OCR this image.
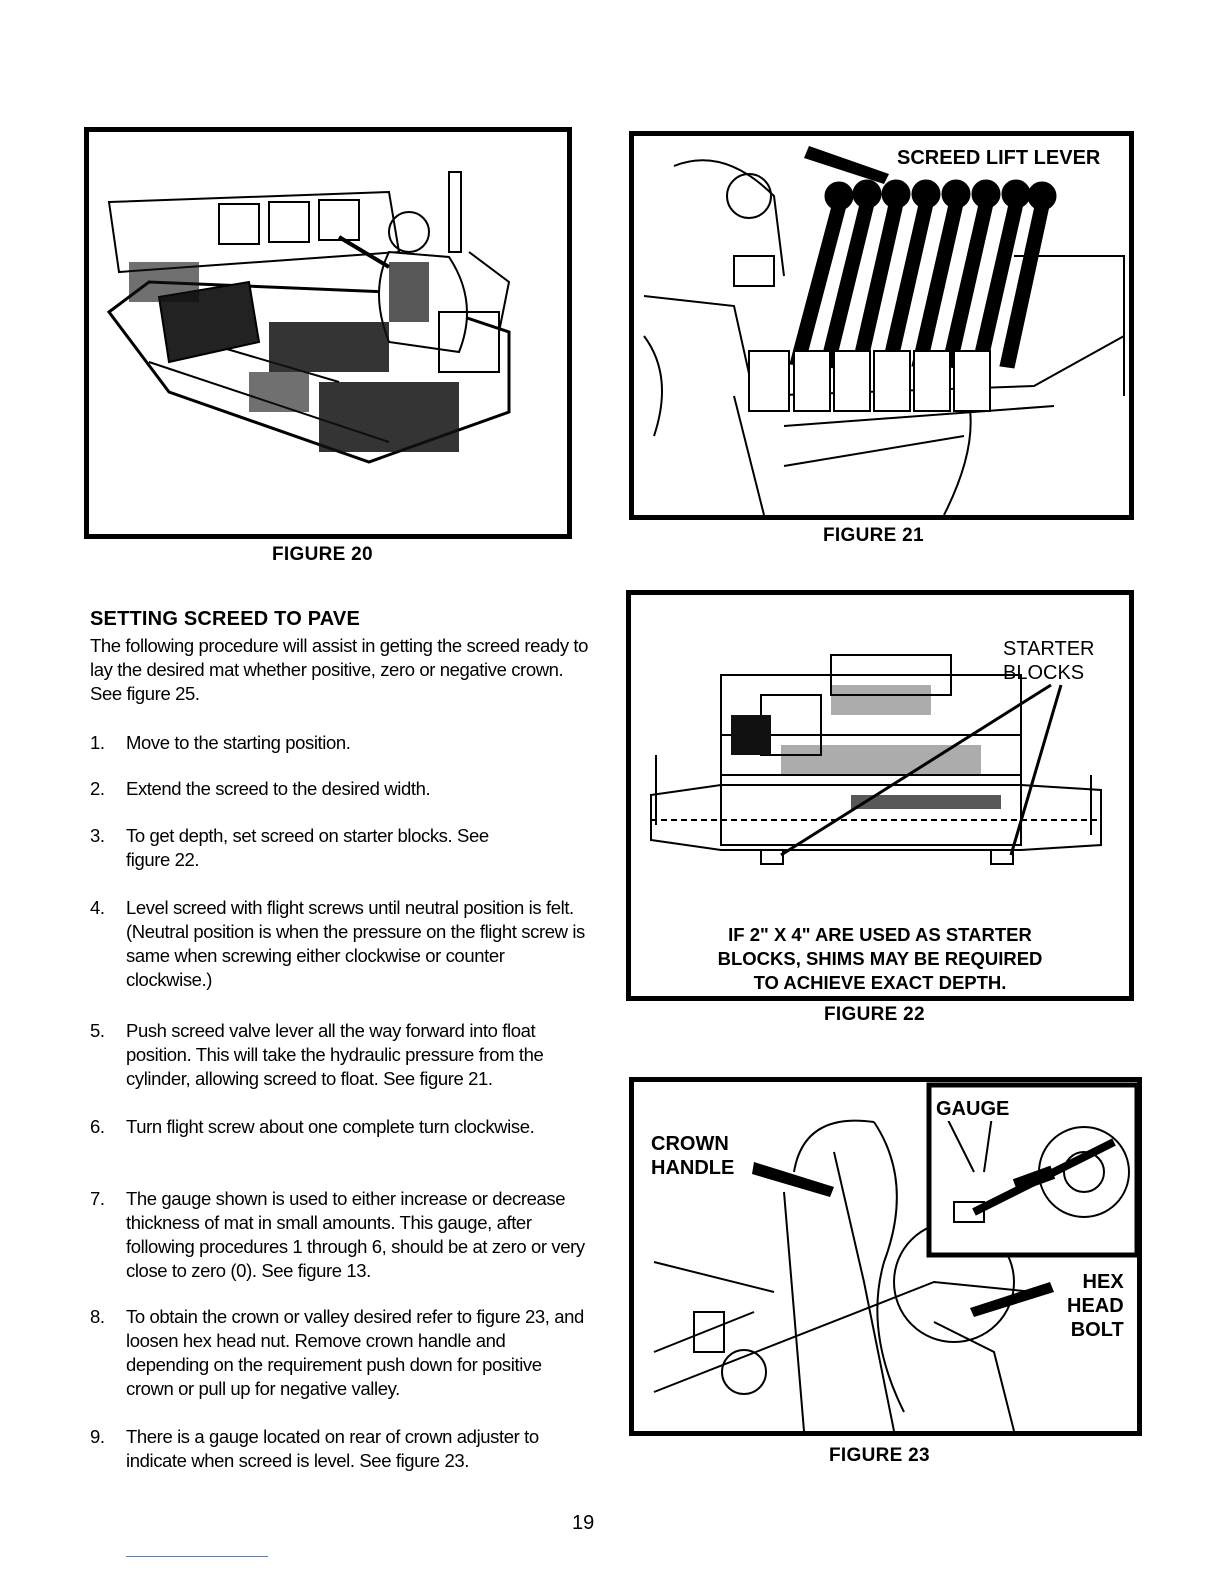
FIGURE 20
SCREED LIFT LEVER
FIGURE 21
SETTING SCREED TO PAVE
The following procedure will assist in getting the screed ready to lay the desired mat whether positive, zero or negative crown. See figure 25.
1.	Move to the starting position.
2.	Extend the screed to the desired width.
3.	To get depth, set screed on starter blocks. See figure 22.
4.	Level screed with flight screws until neutral position is felt. (Neutral position is when the pressure on the flight screw is same when screwing either clockwise or counter clockwise.)
5.	Push screed valve lever all the way forward into float position. This will take the hydraulic pressure from the cylinder, allowing screed to float. See figure 21.
6.	Turn flight screw about one complete turn clockwise.
7.	The gauge shown is used to either increase or decrease thickness of mat in small amounts. This gauge, after following procedures 1 through 6, should be at zero or very close to zero (0). See figure 13.
8.	To obtain the crown or valley desired refer to figure 23, and loosen hex head nut. Remove crown handle and depending on the requirement push down for positive crown or pull up for negative valley.
9.	There is a gauge located on rear of crown adjuster to indicate when screed is level. See figure 23.
STARTER
BLOCKS
IF 2" X 4" ARE USED AS STARTER
BLOCKS, SHIMS MAY BE REQUIRED
TO ACHIEVE EXACT DEPTH.
FIGURE 22
CROWN
HANDLE
GAUGE
HEX
HEAD
BOLT
FIGURE 23
19
